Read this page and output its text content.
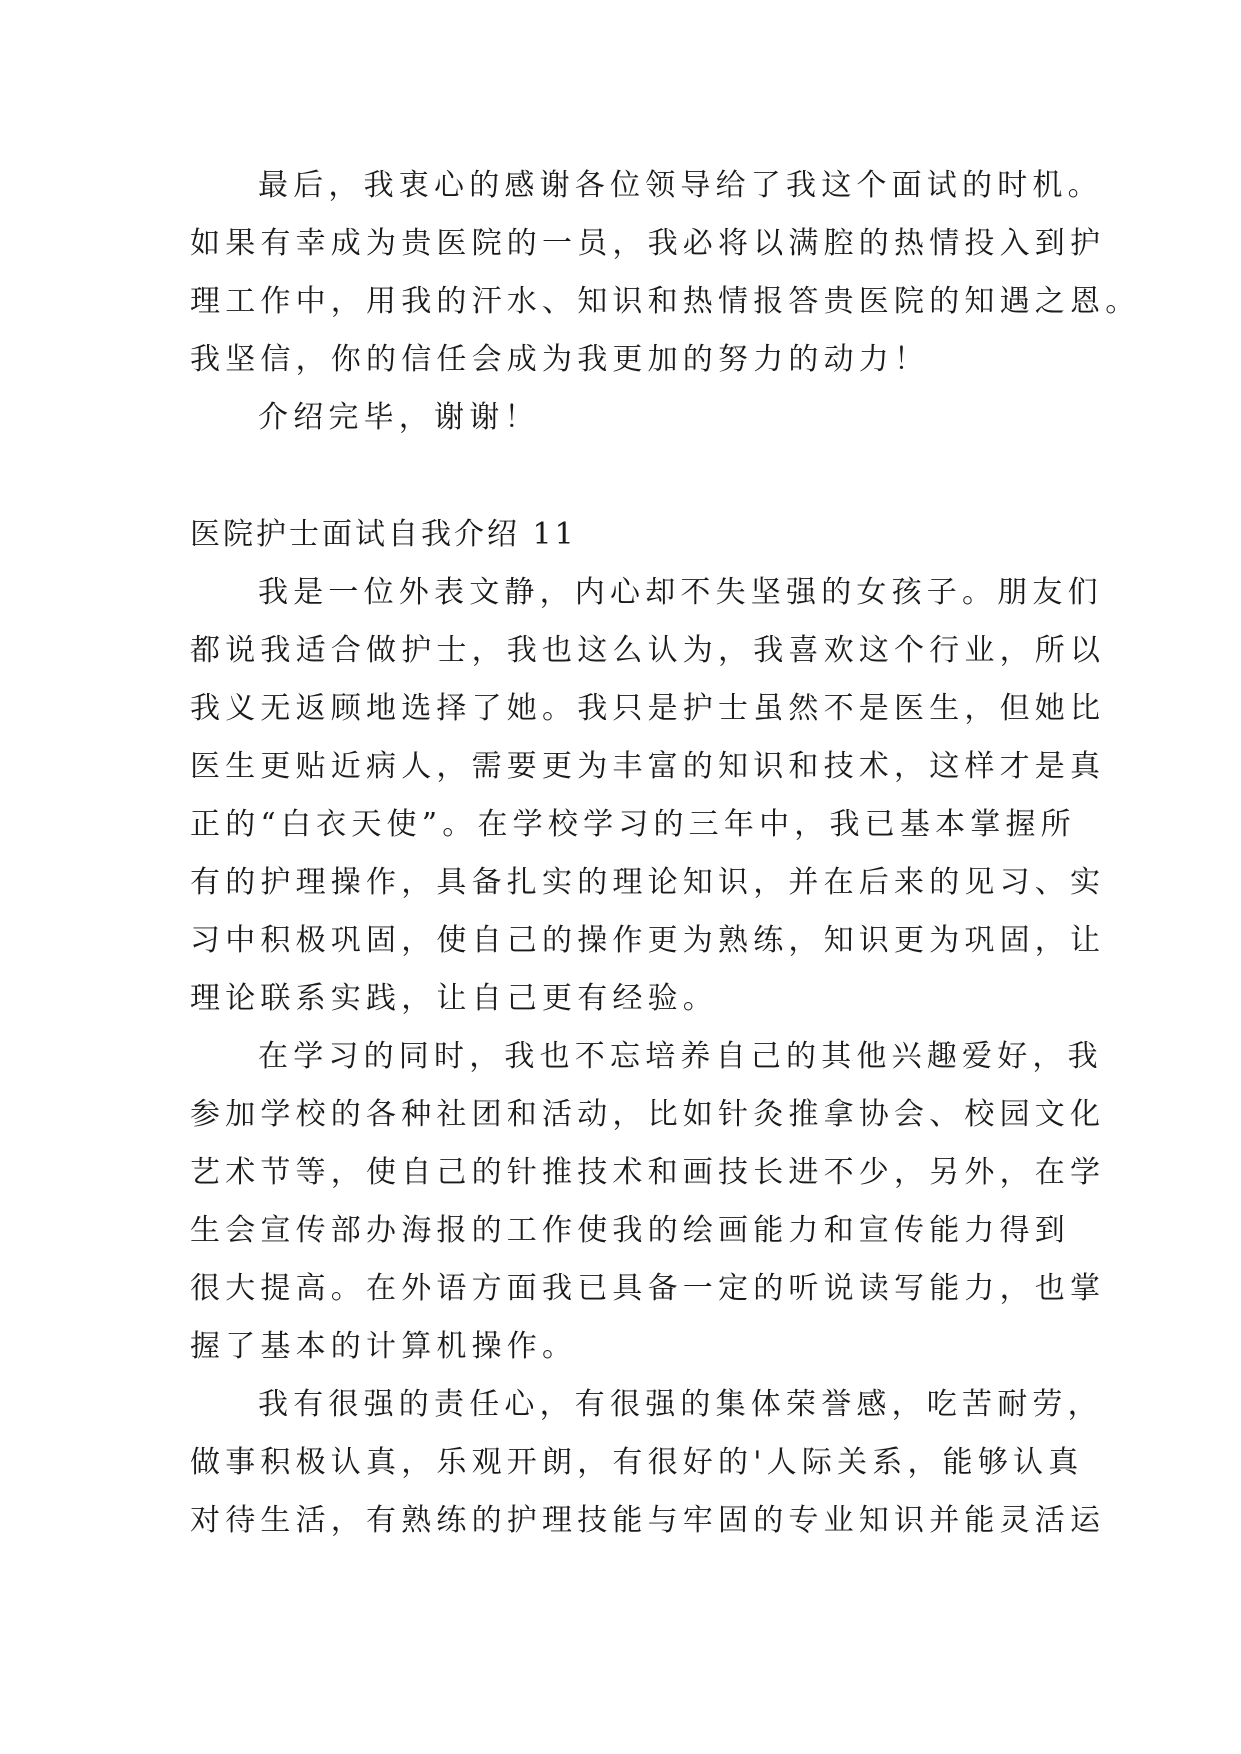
最后，我衷心的感谢各位领导给了我这个面试的时机。
如果有幸成为贵医院的一员，我必将以满腔的热情投入到护
理工作中，用我的汗水、知识和热情报答贵医院的知遇之恩。
我坚信，你的信任会成为我更加的努力的动力！
介绍完毕，谢谢！
医院护士面试自我介绍 11
我是一位外表文静，内心却不失坚强的女孩子。朋友们
都说我适合做护士，我也这么认为，我喜欢这个行业，所以
我义无返顾地选择了她。我只是护士虽然不是医生，但她比
医生更贴近病人，需要更为丰富的知识和技术，这样才是真
正的“白衣天使”。在学校学习的三年中，我已基本掌握所
有的护理操作，具备扎实的理论知识，并在后来的见习、实
习中积极巩固，使自己的操作更为熟练，知识更为巩固，让
理论联系实践，让自己更有经验。
在学习的同时，我也不忘培养自己的其他兴趣爱好，我
参加学校的各种社团和活动，比如针灸推拿协会、校园文化
艺术节等，使自己的针推技术和画技长进不少，另外，在学
生会宣传部办海报的工作使我的绘画能力和宣传能力得到
很大提高。在外语方面我已具备一定的听说读写能力，也掌
握了基本的计算机操作。
我有很强的责任心，有很强的集体荣誉感，吃苦耐劳，
做事积极认真，乐观开朗，有很好的'人际关系，能够认真
对待生活，有熟练的护理技能与牢固的专业知识并能灵活运
